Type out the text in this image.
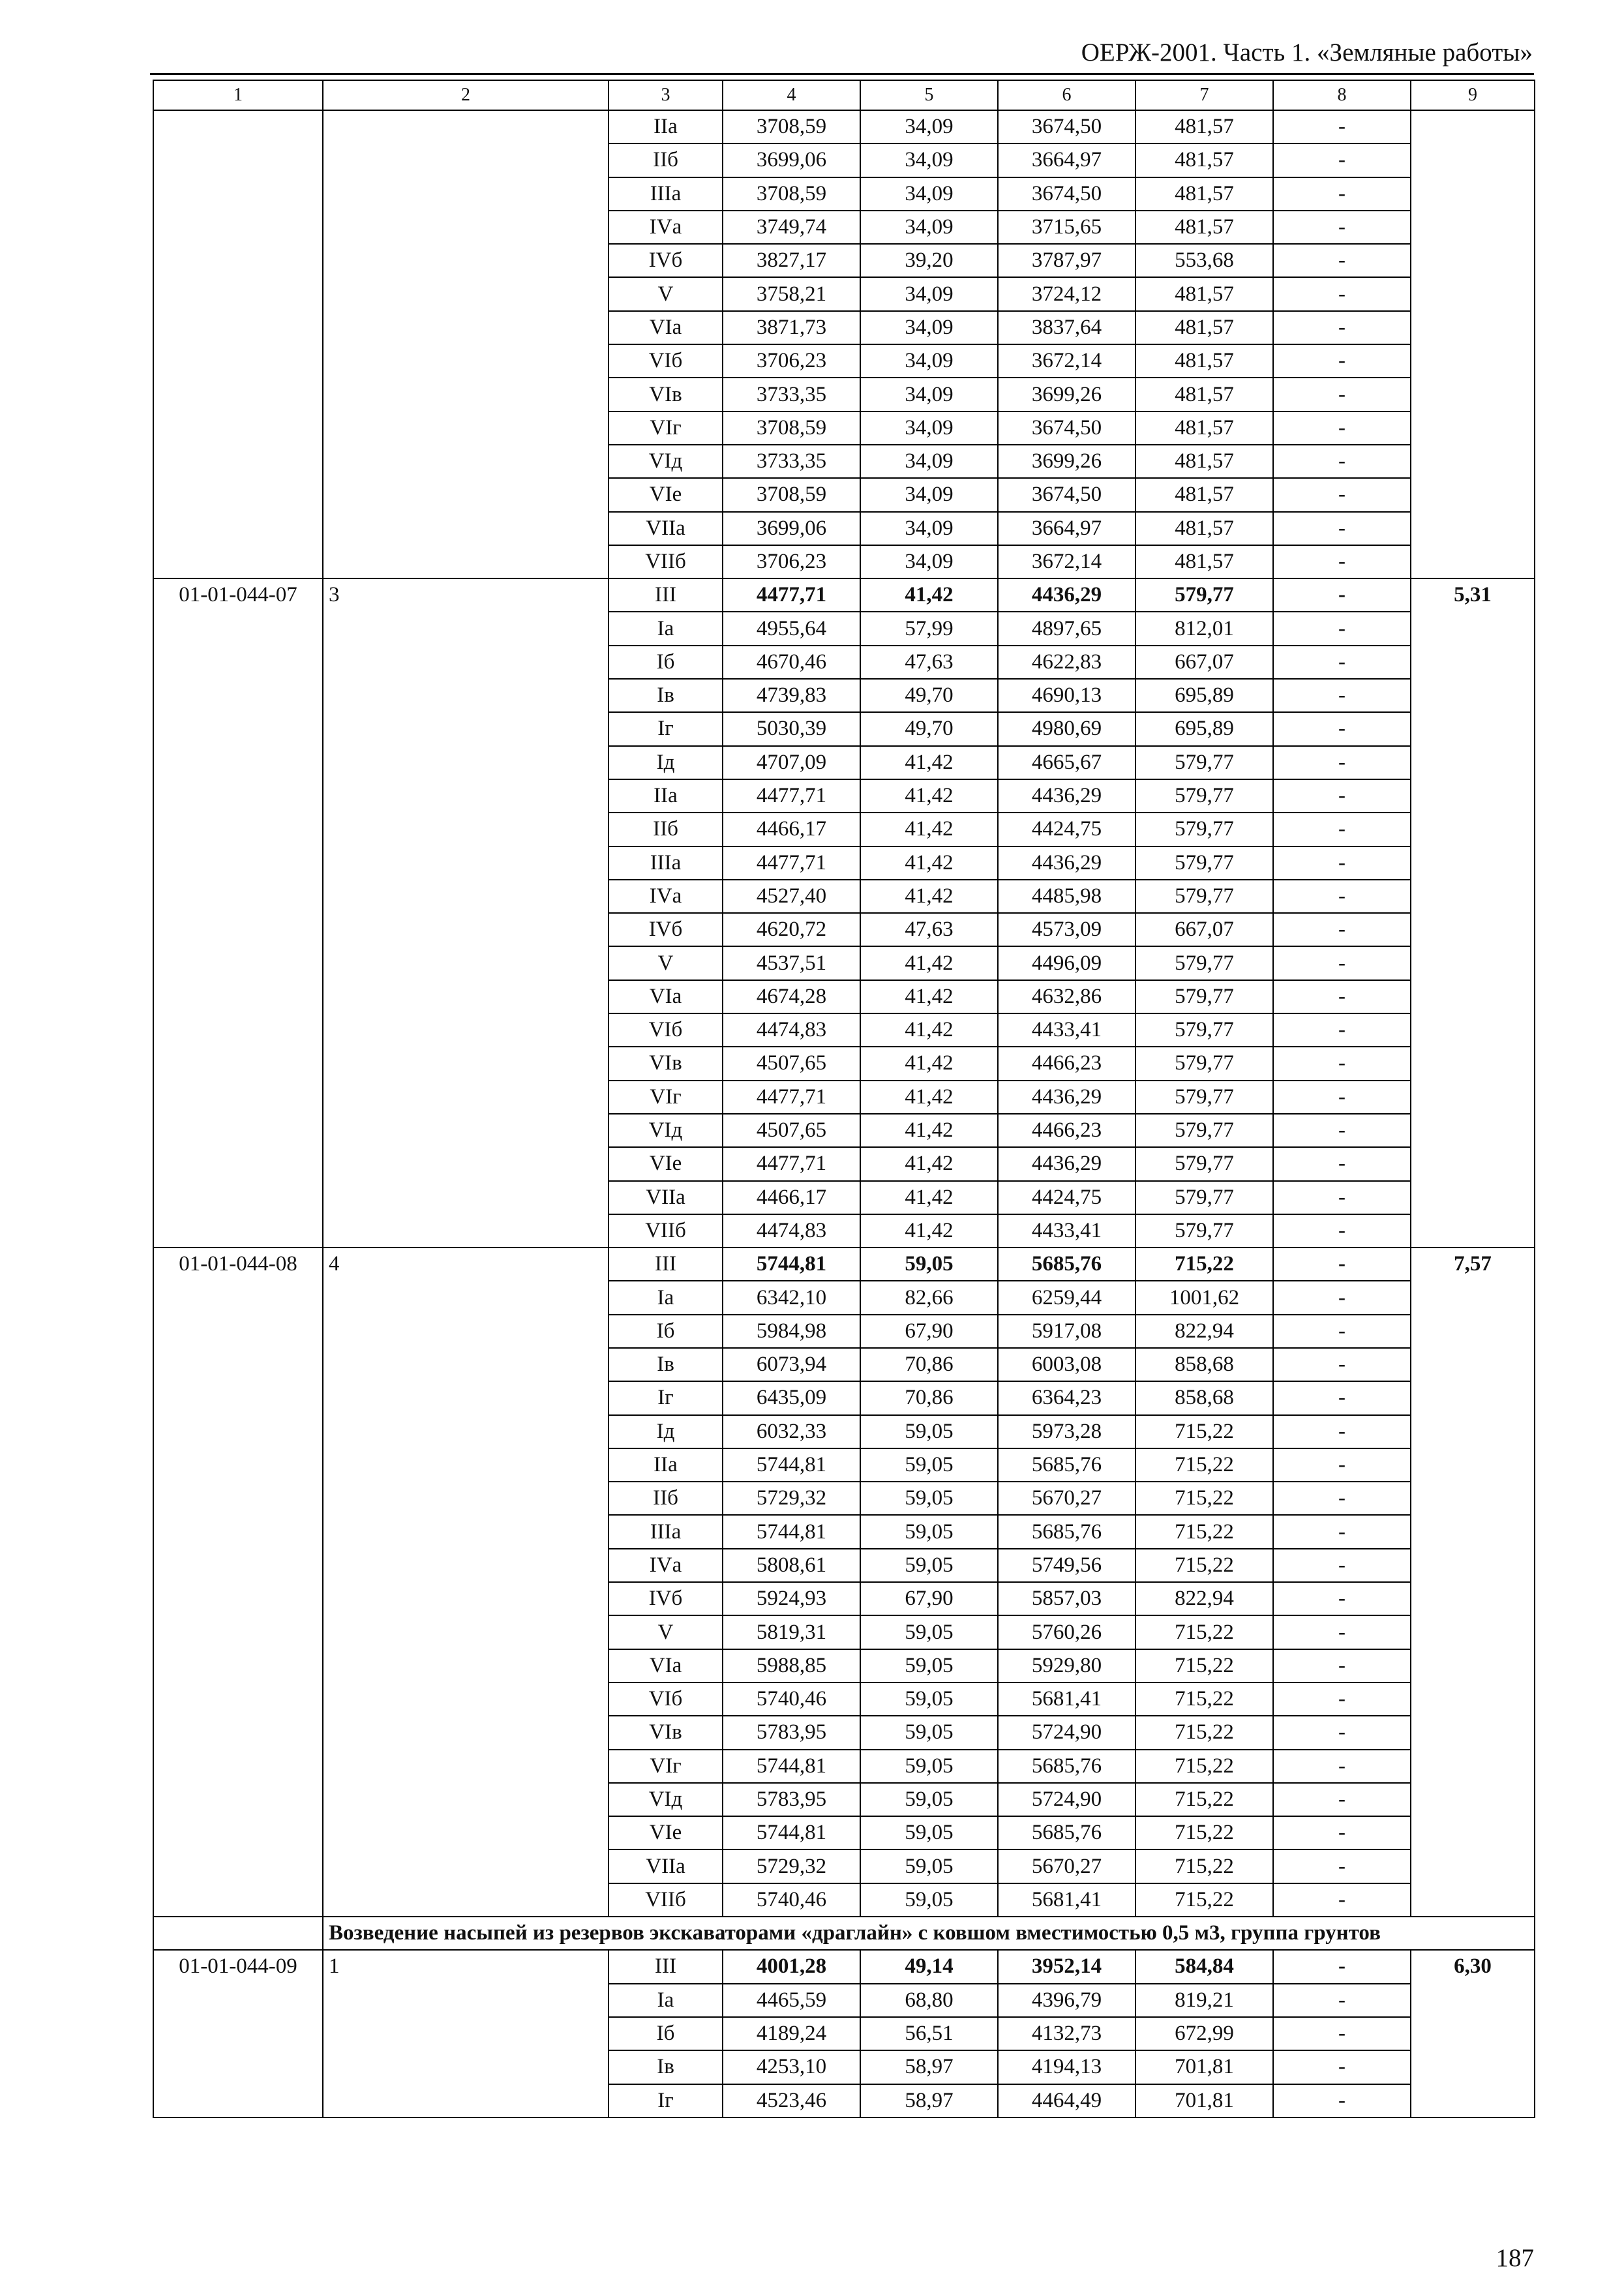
ОЕРЖ-2001. Часть 1. «Земляные работы»
1	2	3	4	5	6	7	8	9
		IIа	3708,59	34,09	3674,50	481,57	-	
		IIб	3699,06	34,09	3664,97	481,57	-	
		IIIа	3708,59	34,09	3674,50	481,57	-	
		IVа	3749,74	34,09	3715,65	481,57	-	
		IVб	3827,17	39,20	3787,97	553,68	-	
		V	3758,21	34,09	3724,12	481,57	-	
		VIа	3871,73	34,09	3837,64	481,57	-	
		VIб	3706,23	34,09	3672,14	481,57	-	
		VIв	3733,35	34,09	3699,26	481,57	-	
		VIг	3708,59	34,09	3674,50	481,57	-	
		VIд	3733,35	34,09	3699,26	481,57	-	
		VIе	3708,59	34,09	3674,50	481,57	-	
		VIIа	3699,06	34,09	3664,97	481,57	-	
		VIIб	3706,23	34,09	3672,14	481,57	-	
01-01-044-07	3	III	4477,71	41,42	4436,29	579,77	-	5,31
		Iа	4955,64	57,99	4897,65	812,01	-	
		Iб	4670,46	47,63	4622,83	667,07	-	
		Iв	4739,83	49,70	4690,13	695,89	-	
		Iг	5030,39	49,70	4980,69	695,89	-	
		Iд	4707,09	41,42	4665,67	579,77	-	
		IIа	4477,71	41,42	4436,29	579,77	-	
		IIб	4466,17	41,42	4424,75	579,77	-	
		IIIа	4477,71	41,42	4436,29	579,77	-	
		IVа	4527,40	41,42	4485,98	579,77	-	
		IVб	4620,72	47,63	4573,09	667,07	-	
		V	4537,51	41,42	4496,09	579,77	-	
		VIа	4674,28	41,42	4632,86	579,77	-	
		VIб	4474,83	41,42	4433,41	579,77	-	
		VIв	4507,65	41,42	4466,23	579,77	-	
		VIг	4477,71	41,42	4436,29	579,77	-	
		VIд	4507,65	41,42	4466,23	579,77	-	
		VIе	4477,71	41,42	4436,29	579,77	-	
		VIIа	4466,17	41,42	4424,75	579,77	-	
		VIIб	4474,83	41,42	4433,41	579,77	-	
01-01-044-08	4	III	5744,81	59,05	5685,76	715,22	-	7,57
		Iа	6342,10	82,66	6259,44	1001,62	-	
		Iб	5984,98	67,90	5917,08	822,94	-	
		Iв	6073,94	70,86	6003,08	858,68	-	
		Iг	6435,09	70,86	6364,23	858,68	-	
		Iд	6032,33	59,05	5973,28	715,22	-	
		IIа	5744,81	59,05	5685,76	715,22	-	
		IIб	5729,32	59,05	5670,27	715,22	-	
		IIIа	5744,81	59,05	5685,76	715,22	-	
		IVа	5808,61	59,05	5749,56	715,22	-	
		IVб	5924,93	67,90	5857,03	822,94	-	
		V	5819,31	59,05	5760,26	715,22	-	
		VIа	5988,85	59,05	5929,80	715,22	-	
		VIб	5740,46	59,05	5681,41	715,22	-	
		VIв	5783,95	59,05	5724,90	715,22	-	
		VIг	5744,81	59,05	5685,76	715,22	-	
		VIд	5783,95	59,05	5724,90	715,22	-	
		VIе	5744,81	59,05	5685,76	715,22	-	
		VIIа	5729,32	59,05	5670,27	715,22	-	
		VIIб	5740,46	59,05	5681,41	715,22	-	
	Возведение насыпей из резервов экскаваторами «драглайн» с ковшом вместимостью 0,5 м3, группа грунтов							
01-01-044-09	1	III	4001,28	49,14	3952,14	584,84	-	6,30
		Iа	4465,59	68,80	4396,79	819,21	-	
		Iб	4189,24	56,51	4132,73	672,99	-	
		Iв	4253,10	58,97	4194,13	701,81	-	
		Iг	4523,46	58,97	4464,49	701,81	-	
187
